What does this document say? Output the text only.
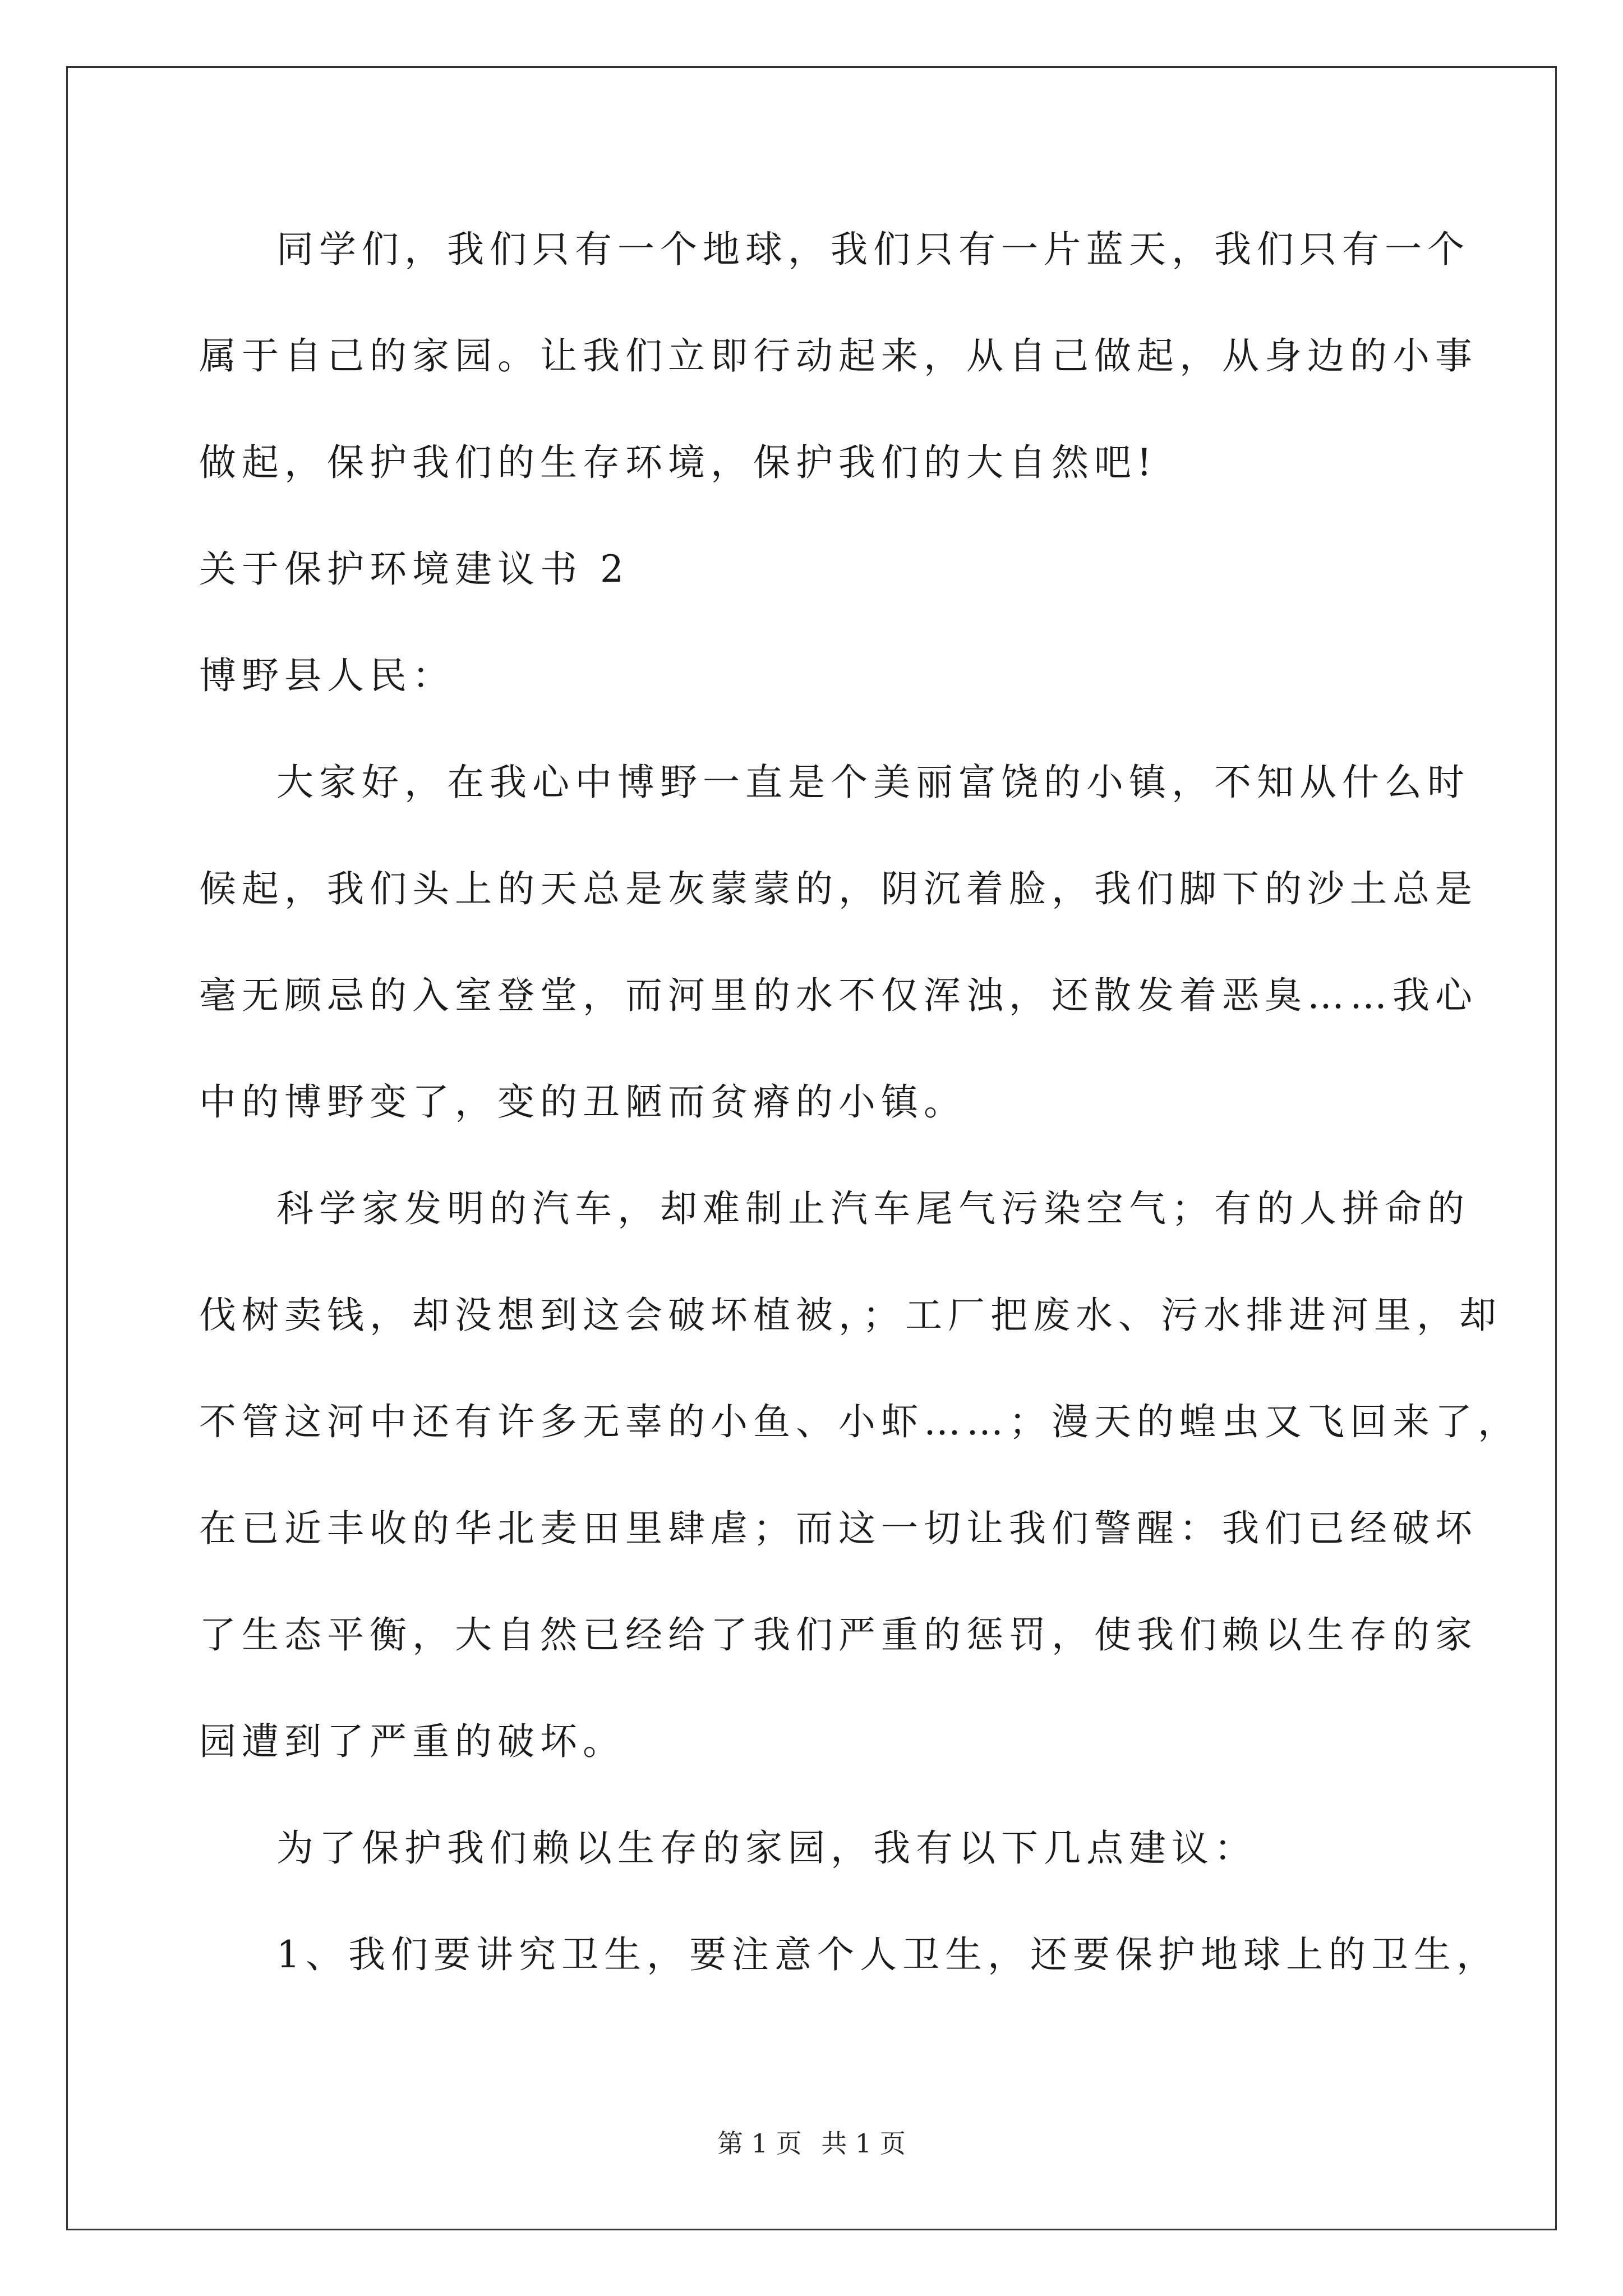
同学们，我们只有一个地球，我们只有一片蓝天，我们只有一个
属于自己的家园。让我们立即行动起来，从自己做起，从身边的小事
做起，保护我们的生存环境，保护我们的大自然吧!
关于保护环境建议书 2
博野县人民：
大家好，在我心中博野一直是个美丽富饶的小镇，不知从什么时
候起，我们头上的天总是灰蒙蒙的，阴沉着脸，我们脚下的沙土总是
毫无顾忌的入室登堂，而河里的水不仅浑浊，还散发着恶臭……我心
中的博野变了，变的丑陋而贫瘠的小镇。
科学家发明的汽车，却难制止汽车尾气污染空气；有的人拼命的
伐树卖钱，却没想到这会破坏植被，；工厂把废水、污水排进河里，却
不管这河中还有许多无辜的小鱼、小虾……；漫天的蝗虫又飞回来了，
在已近丰收的华北麦田里肆虐；而这一切让我们警醒：我们已经破坏
了生态平衡，大自然已经给了我们严重的惩罚，使我们赖以生存的家
园遭到了严重的破坏。
为了保护我们赖以生存的家园，我有以下几点建议：
1、我们要讲究卫生，要注意个人卫生，还要保护地球上的卫生，
第 1 页 共 1 页
